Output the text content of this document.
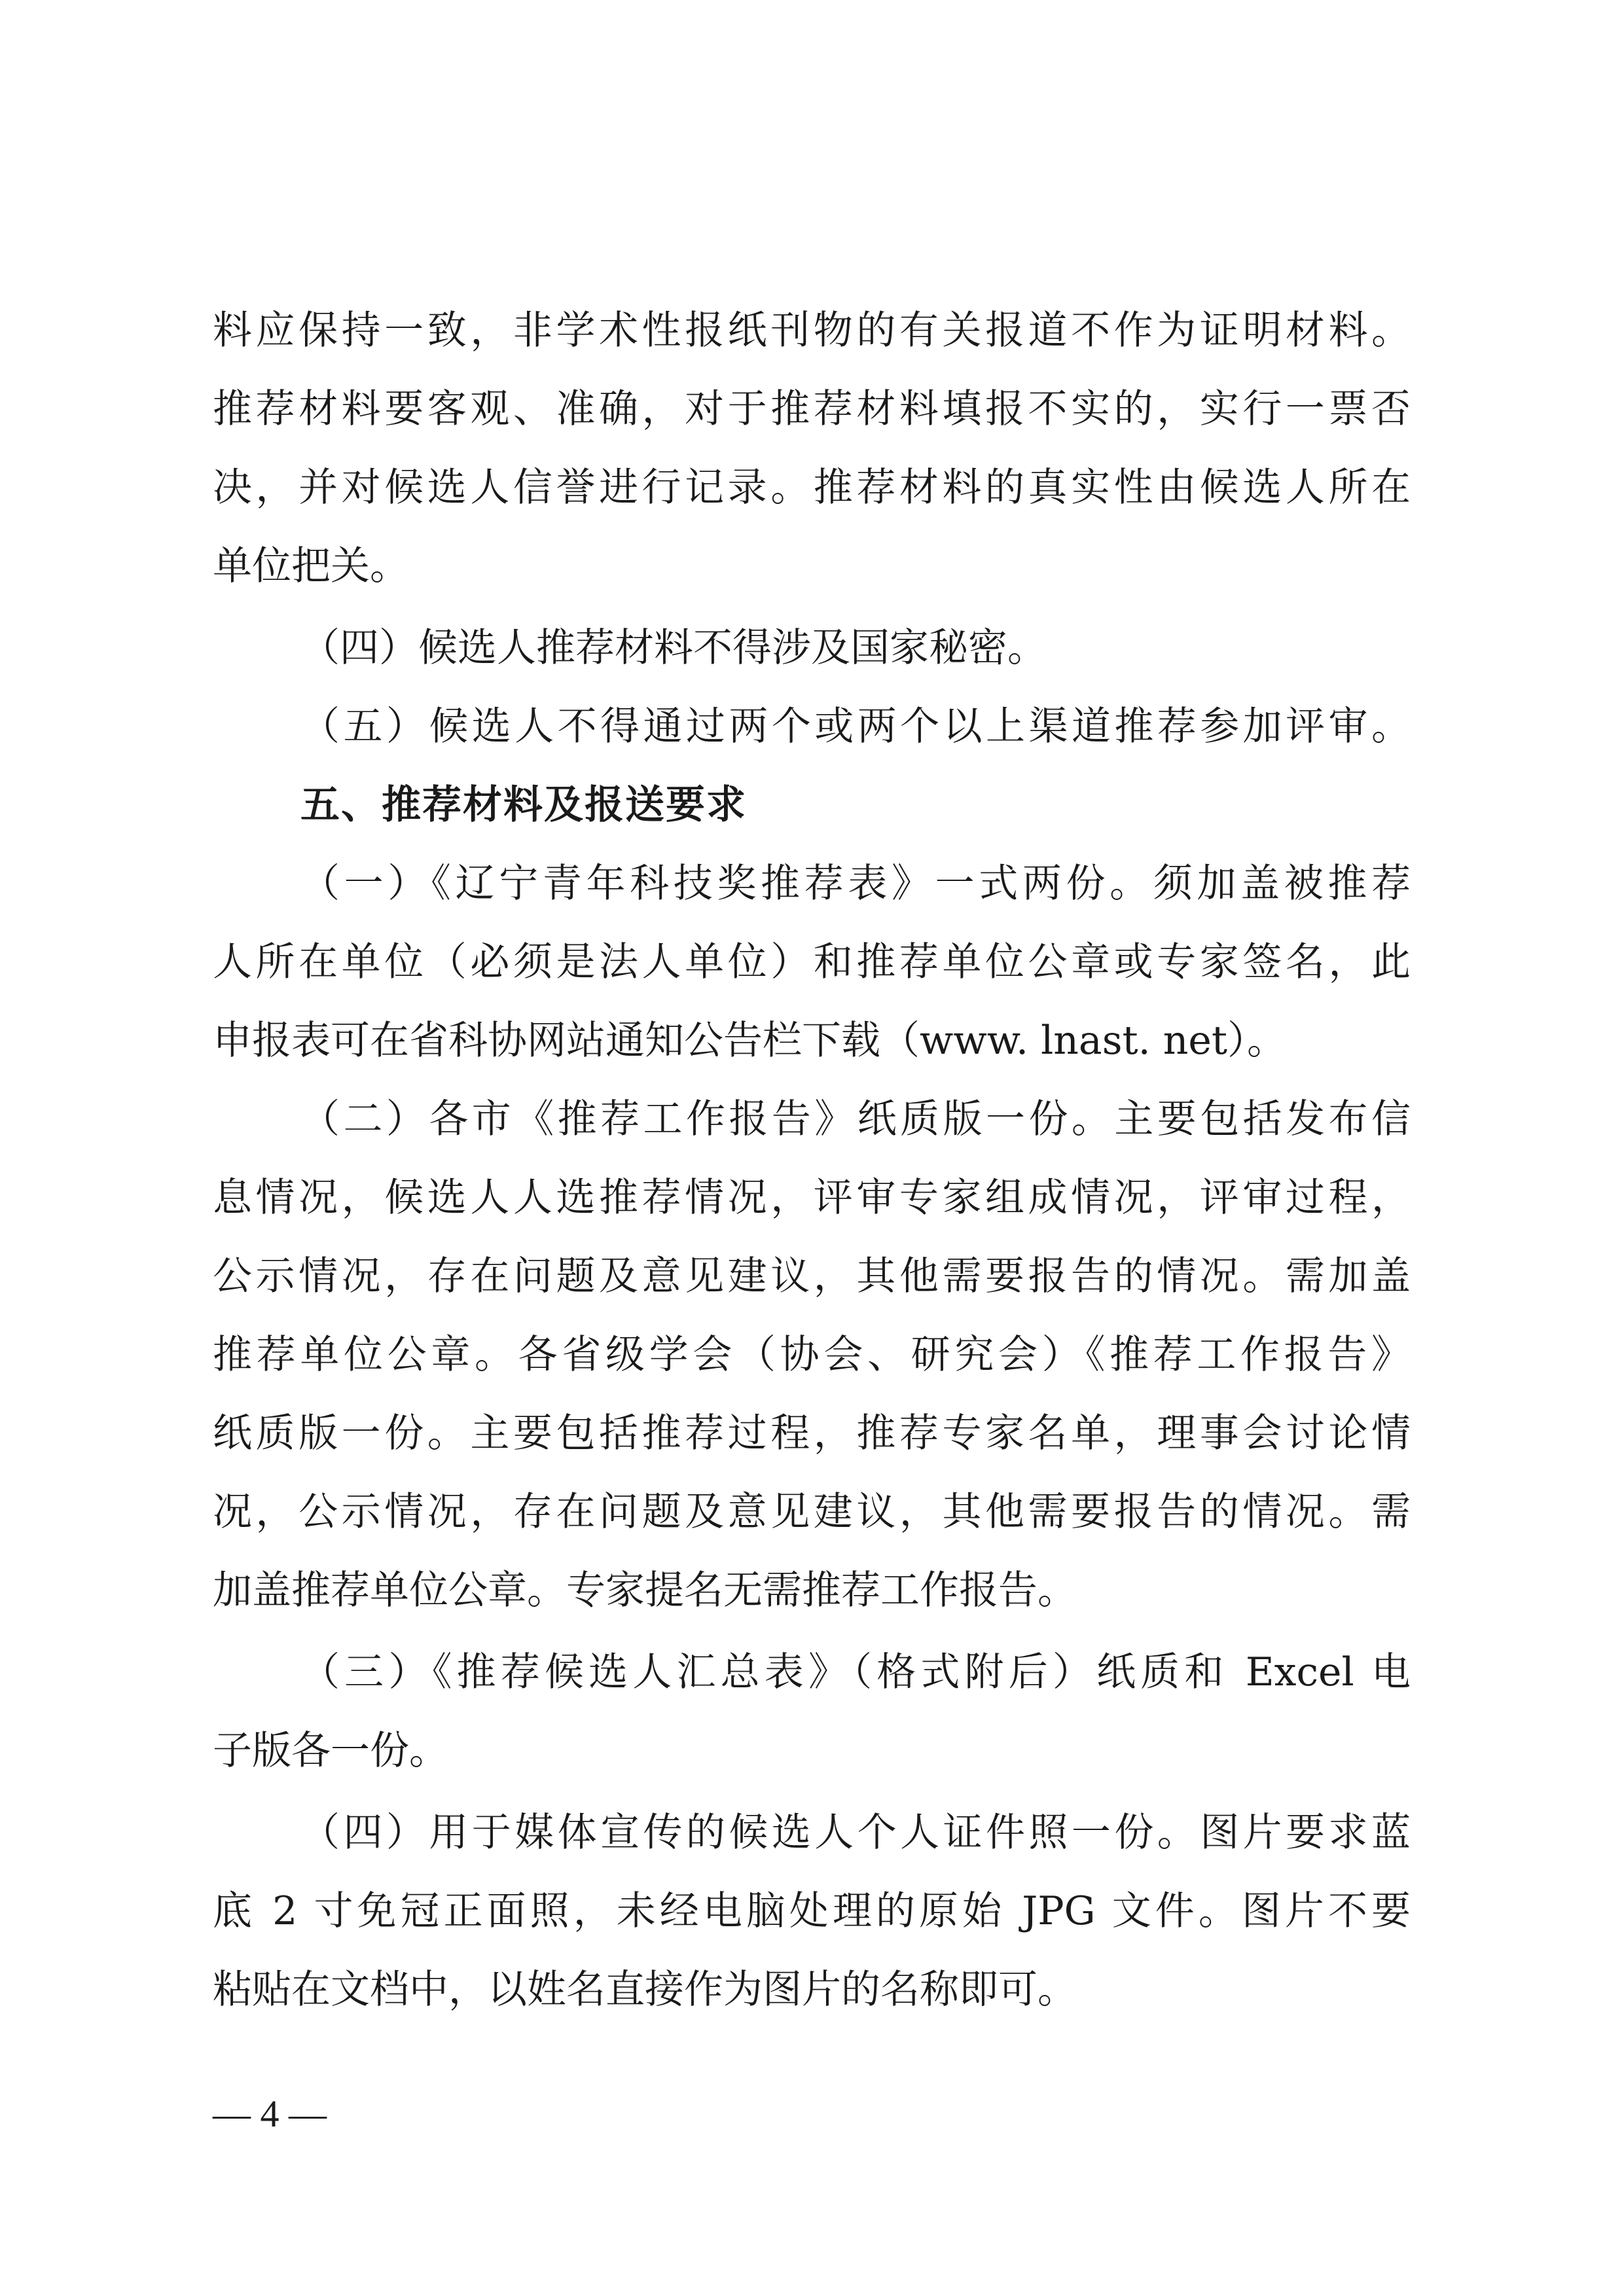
料应保持一致，非学术性报纸刊物的有关报道不作为证明材料。
推荐材料要客观、准确，对于推荐材料填报不实的，实行一票否
决，并对候选人信誉进行记录。推荐材料的真实性由候选人所在
单位把关。
（四）候选人推荐材料不得涉及国家秘密。
（五）候选人不得通过两个或两个以上渠道推荐参加评审。
五、推荐材料及报送要求
（一）《辽宁青年科技奖推荐表》一式两份。须加盖被推荐
人所在单位（必须是法人单位）和推荐单位公章或专家签名，此
申报表可在省科协网站通知公告栏下载（www. lnast. net）。
（二）各市《推荐工作报告》纸质版一份。主要包括发布信
息情况，候选人人选推荐情况，评审专家组成情况，评审过程，
公示情况，存在问题及意见建议，其他需要报告的情况。需加盖
推荐单位公章。各省级学会（协会、研究会）《推荐工作报告》
纸质版一份。主要包括推荐过程，推荐专家名单，理事会讨论情
况，公示情况，存在问题及意见建议，其他需要报告的情况。需
加盖推荐单位公章。专家提名无需推荐工作报告。
（三）《推荐候选人汇总表》（格式附后）纸质和 Excel 电
子版各一份。
（四）用于媒体宣传的候选人个人证件照一份。图片要求蓝
底 2 寸免冠正面照，未经电脑处理的原始 JPG 文件。图片不要
粘贴在文档中，以姓名直接作为图片的名称即可。
— 4 —
